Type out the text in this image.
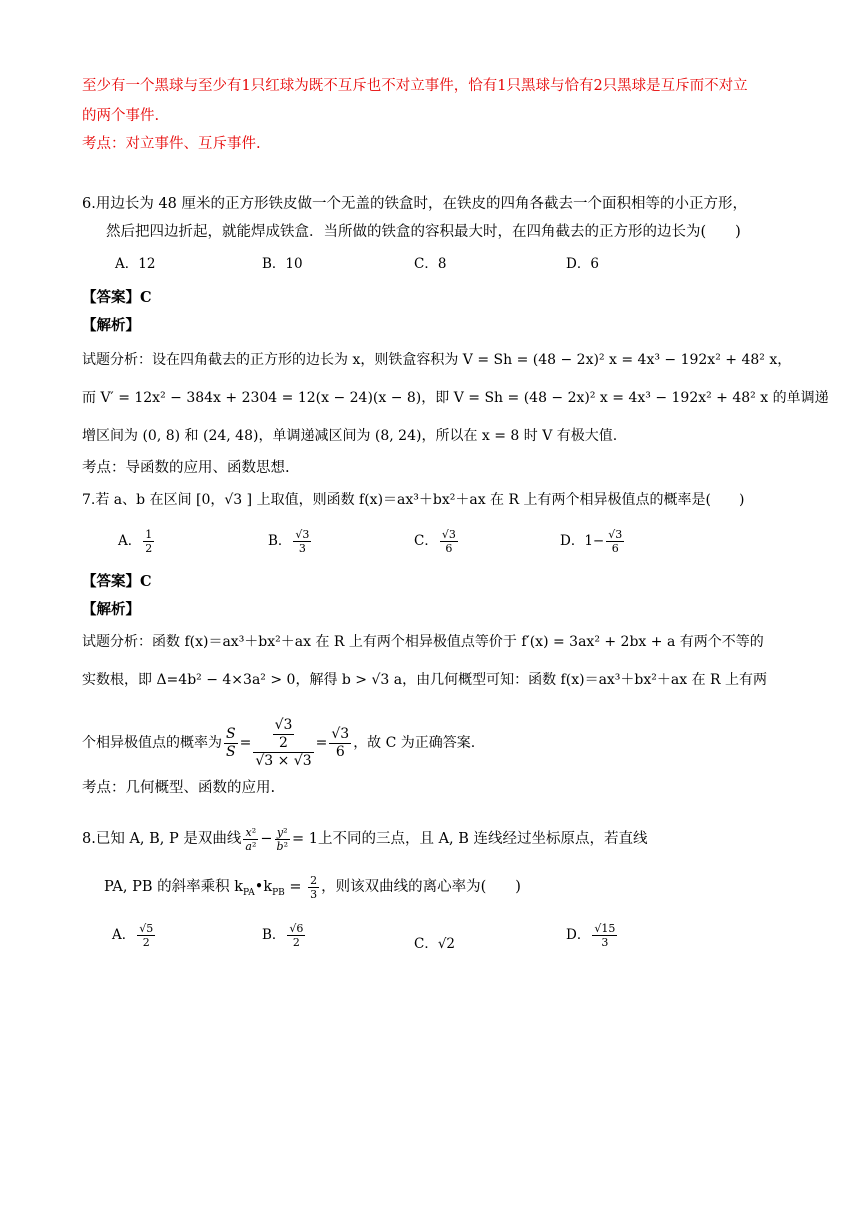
至少有一个黑球与至少有1只红球为既不互斥也不对立事件，恰有1只黑球与恰有2只黑球是互斥而不对立
的两个事件.
考点：对立事件、互斥事件.
6.用边长为 48 厘米的正方形铁皮做一个无盖的铁盒时，在铁皮的四角各截去一个面积相等的小正方形，
然后把四边折起，就能焊成铁盒．当所做的铁盒的容积最大时，在四角截去的正方形的边长为(　　)
A．12	B．10	C．8	D．6
【答案】C
【解析】
试题分析：设在四角截去的正方形的边长为 x，则铁盒容积为 V = Sh = (48 − 2x)² x = 4x³ − 192x² + 48² x，
而 V′ = 12x² − 384x + 2304 = 12(x − 24)(x − 8)，即 V = Sh = (48 − 2x)² x = 4x³ − 192x² + 48² x 的单调递
增区间为 (0, 8) 和 (24, 48)，单调递减区间为 (8, 24)，所以在 x = 8 时 V 有极大值.
考点：导函数的应用、函数思想.
7.若 a、b 在区间 [0，√3 ] 上取值，则函数 f(x)＝ax³＋bx²＋ax 在 R 上有两个相异极值点的概率是(　　)
A． $\frac{1}{2}$	B． $\frac{√3}{3}$	C． $\frac{√3}{6}$	D．$1- \frac{√3}{6}$
【答案】C
【解析】
试题分析：函数 f(x)＝ax³＋bx²＋ax 在 R 上有两个相异极值点等价于 f′(x) = 3ax² + 2bx + a 有两个不等的
实数根，即 Δ=4b² − 4×3a² > 0，解得 b > √3 a，由几何概型可知：函数 f(x)＝ax³＋bx²＋ax 在 R 上有两
个相异极值点的概率为 $\frac{S}{S} = \frac{\frac{√3}{2}}{√3 \times √3} = \frac{√3}{6}$ ，故 C 为正确答案.
考点：几何概型、函数的应用.
8.已知 A, B, P 是双曲线 $\frac{\text{x²}}{\text{a²}} - \frac{\text{y²}}{\text{b²}} = 1$上不同的三点，且 A, B 连线经过坐标原点，若直线
PA, PB 的斜率乘积 $k_{PA}•k_{PB} = \frac{2}{3}$ ，则该双曲线的离心率为(　　)
A． $\frac{√5}{2}$	B． $\frac{√6}{2}$	C．√2
D． $\frac{√15}{3}$
